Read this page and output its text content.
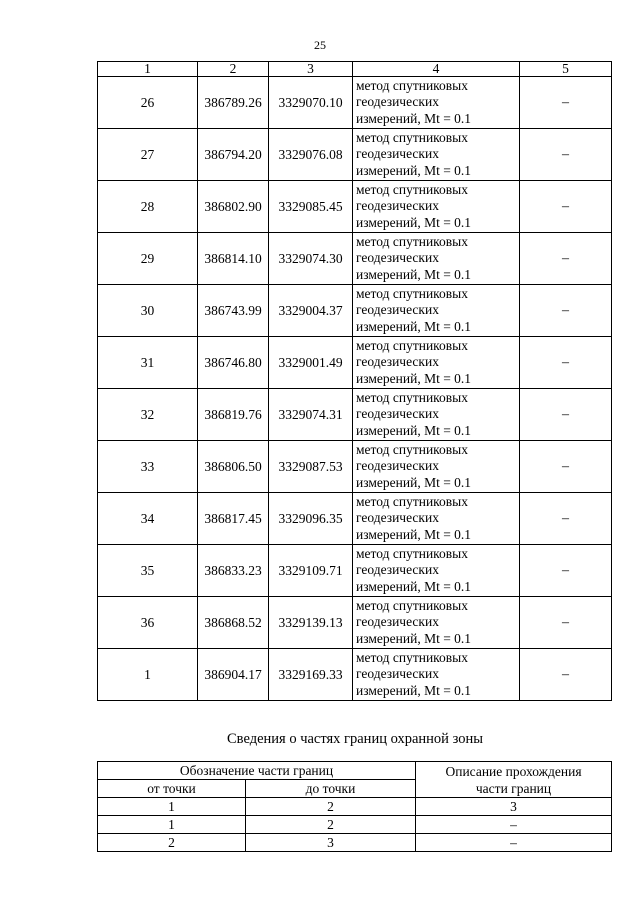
25
1	2	3	4	5
26	386789.26	3329070.10	метод спутниковых
геодезических
измерений, Mt = 0.1	–
27	386794.20	3329076.08	метод спутниковых
геодезических
измерений, Mt = 0.1	–
28	386802.90	3329085.45	метод спутниковых
геодезических
измерений, Mt = 0.1	–
29	386814.10	3329074.30	метод спутниковых
геодезических
измерений, Mt = 0.1	–
30	386743.99	3329004.37	метод спутниковых
геодезических
измерений, Mt = 0.1	–
31	386746.80	3329001.49	метод спутниковых
геодезических
измерений, Mt = 0.1	–
32	386819.76	3329074.31	метод спутниковых
геодезических
измерений, Mt = 0.1	–
33	386806.50	3329087.53	метод спутниковых
геодезических
измерений, Mt = 0.1	–
34	386817.45	3329096.35	метод спутниковых
геодезических
измерений, Mt = 0.1	–
35	386833.23	3329109.71	метод спутниковых
геодезических
измерений, Mt = 0.1	–
36	386868.52	3329139.13	метод спутниковых
геодезических
измерений, Mt = 0.1	–
1	386904.17	3329169.33	метод спутниковых
геодезических
измерений, Mt = 0.1	–
Сведения о частях границ охранной зоны
Обозначение части границ		Описание прохождения
части границ
от точки	до точки	
1	2	3
1	2	–
2	3	–
